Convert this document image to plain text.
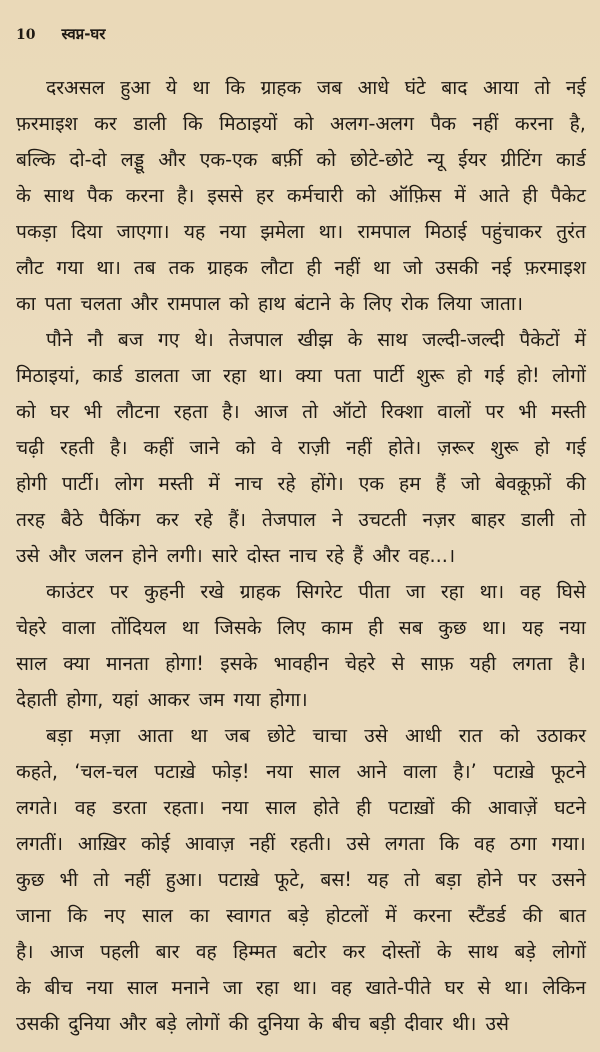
10 स्वप्न-घर
दरअसल हुआ ये था कि ग्राहक जब आधे घंटे बाद आया तो नई
फ़रमाइश कर डाली कि मिठाइयों को अलग-अलग पैक नहीं करना है,
बल्कि दो-दो लड्डू और एक-एक बर्फ़ी को छोटे-छोटे न्यू ईयर ग्रीटिंग कार्ड
के साथ पैक करना है। इससे हर कर्मचारी को ऑफ़िस में आते ही पैकेट
पकड़ा दिया जाएगा। यह नया झमेला था। रामपाल मिठाई पहुंचाकर तुरंत
लौट गया था। तब तक ग्राहक लौटा ही नहीं था जो उसकी नई फ़रमाइश
का पता चलता और रामपाल को हाथ बंटाने के लिए रोक लिया जाता।
पौने नौ बज गए थे। तेजपाल खीझ के साथ जल्दी-जल्दी पैकेटों में
मिठाइयां, कार्ड डालता जा रहा था। क्या पता पार्टी शुरू हो गई हो! लोगों
को घर भी लौटना रहता है। आज तो ऑटो रिक्शा वालों पर भी मस्ती
चढ़ी रहती है। कहीं जाने को वे राज़ी नहीं होते। ज़रूर शुरू हो गई
होगी पार्टी। लोग मस्ती में नाच रहे होंगे। एक हम हैं जो बेवक़ूफ़ों की
तरह बैठे पैकिंग कर रहे हैं। तेजपाल ने उचटती नज़र बाहर डाली तो
उसे और जलन होने लगी। सारे दोस्त नाच रहे हैं और वह...।
काउंटर पर कुहनी रखे ग्राहक सिगरेट पीता जा रहा था। वह घिसे
चेहरे वाला तोंदियल था जिसके लिए काम ही सब कुछ था। यह नया
साल क्या मानता होगा! इसके भावहीन चेहरे से साफ़ यही लगता है।
देहाती होगा, यहां आकर जम गया होगा।
बड़ा मज़ा आता था जब छोटे चाचा उसे आधी रात को उठाकर
कहते, ‘चल-चल पटाख़े फोड़! नया साल आने वाला है।’ पटाख़े फूटने
लगते। वह डरता रहता। नया साल होते ही पटाख़ों की आवाज़ें घटने
लगतीं। आख़िर कोई आवाज़ नहीं रहती। उसे लगता कि वह ठगा गया।
कुछ भी तो नहीं हुआ। पटाख़े फूटे, बस! यह तो बड़ा होने पर उसने
जाना कि नए साल का स्वागत बड़े होटलों में करना स्टैंडर्ड की बात
है। आज पहली बार वह हिम्मत बटोर कर दोस्तों के साथ बड़े लोगों
के बीच नया साल मनाने जा रहा था। वह खाते-पीते घर से था। लेकिन
उसकी दुनिया और बड़े लोगों की दुनिया के बीच बड़ी दीवार थी। उसे
